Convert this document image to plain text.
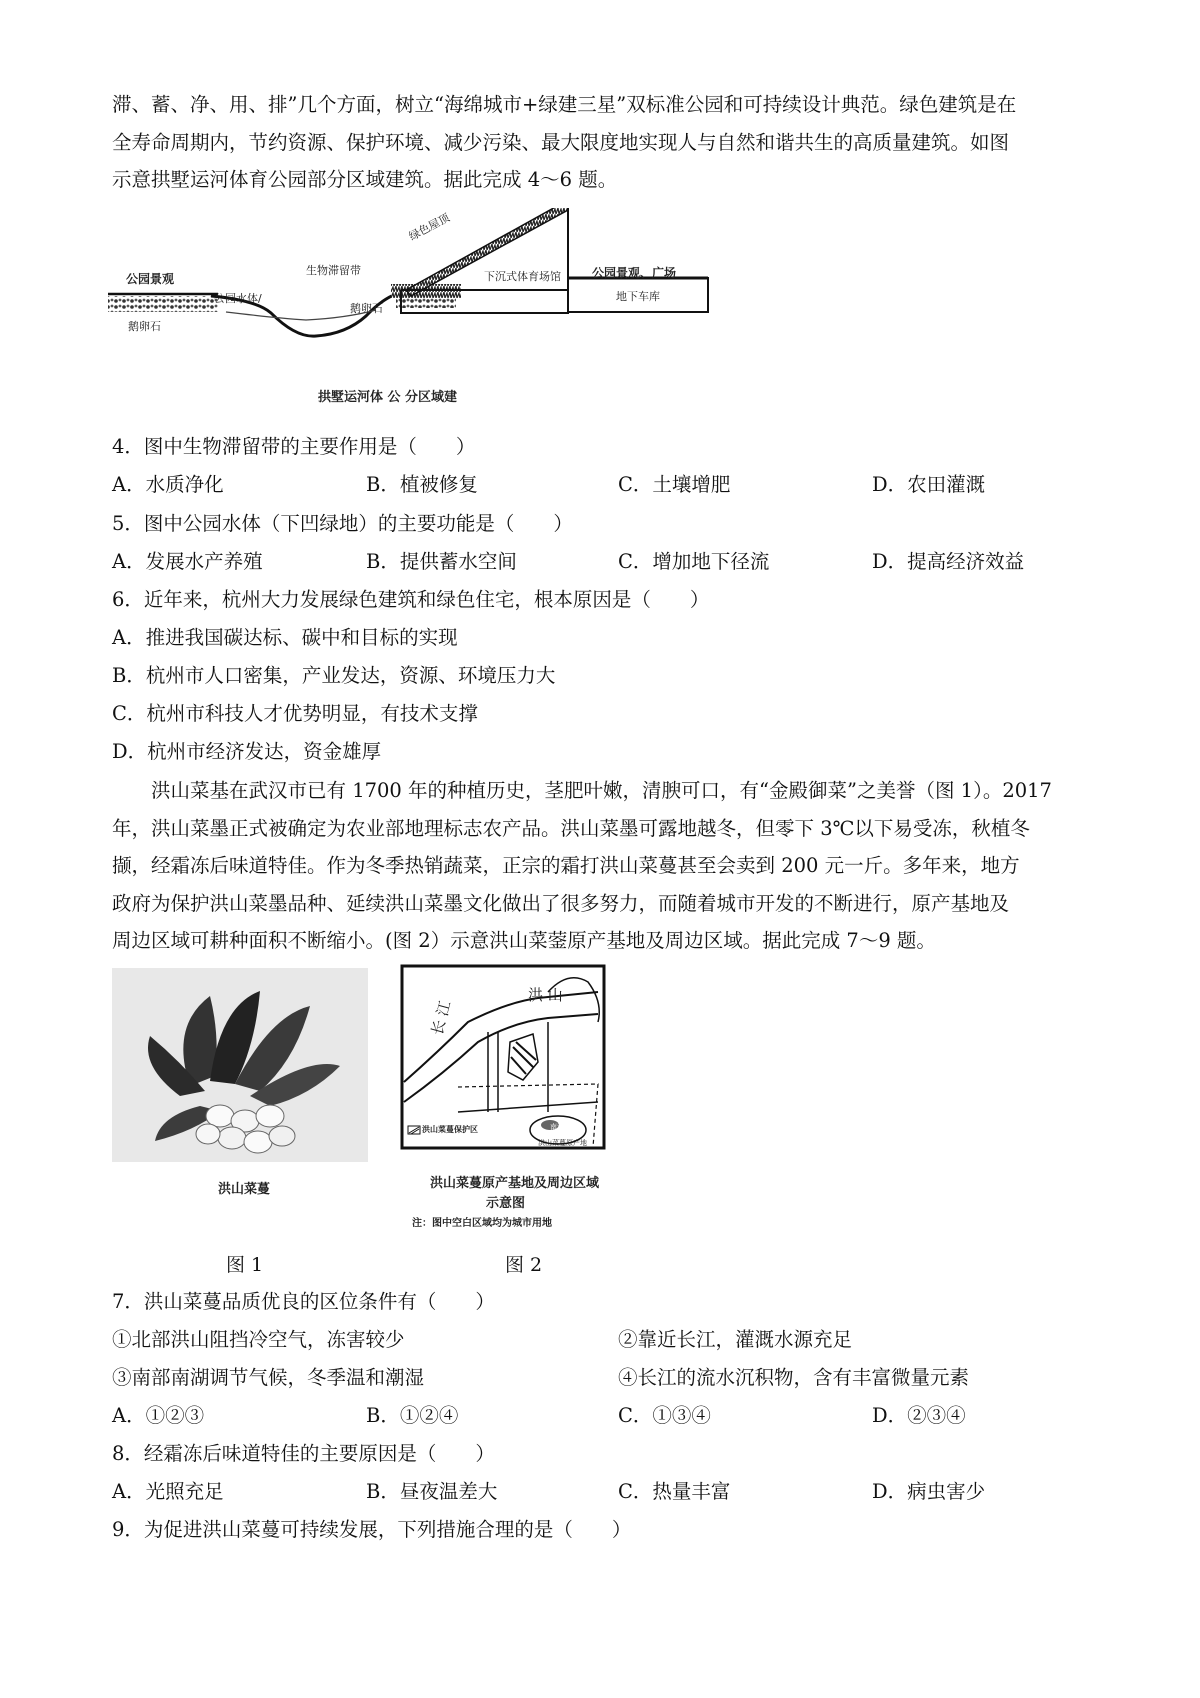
滞、蓄、净、用、排”几个方面，树立“海绵城市+绿建三星”双标准公园和可持续设计典范。绿色建筑是在

全寿命周期内，节约资源、保护环境、减少污染、最大限度地实现人与自然和谐共生的高质量建筑。如图

示意拱墅运河体育公园部分区域建筑。据此完成 4～6 题。

公园景观
鹅卵石
公园水体/
生物滞留带
鹅卵石
绿色屋顶
下沉式体育场馆	公园景观、广场
地下车库
拱墅运河体 公 分区域建
4．图中生物滞留带的主要作用是（　　）
A．水质净化	B．植被修复	C．土壤增肥	D．农田灌溉
5．图中公园水体（下凹绿地）的主要功能是（　　）
A．发展水产养殖	B．提供蓄水空间	C．增加地下径流	D．提高经济效益
6．近年来，杭州大力发展绿色建筑和绿色住宅，根本原因是（　　）
A．推进我国碳达标、碳中和目标的实现
B．杭州市人口密集，产业发达，资源、环境压力大
C．杭州市科技人才优势明显，有技术支撑
D．杭州市经济发达，资金雄厚

洪山菜基在武汉市已有 1700 年的种植历史，茎肥叶嫩，清腴可口，有“金殿御菜”之美誉（图 1）。2017

年，洪山菜墨正式被确定为农业部地理标志农产品。洪山菜墨可露地越冬，但零下 3℃以下易受冻，秋植冬

撷，经霜冻后味道特佳。作为冬季热销蔬菜，正宗的霜打洪山菜蔓甚至会卖到 200 元一斤。多年来，地方

政府为保护洪山菜墨品种、延续洪山菜墨文化做出了很多努力，而随着城市开发的不断进行，原产基地及

周边区域可耕种面积不断缩小。(图 2）示意洪山菜蓥原产基地及周边区域。据此完成 7～9 题。

洪山菜蔓
长 江
洪 山
洪山菜蔓保护区	南湖
洪山菜蔓原产地
洪山菜蔓原产基地及周边区域
示意图
注：图中空白区域均为城市用地
图 1	图 2
7．洪山菜蔓品质优良的区位条件有（　　）
①北部洪山阻挡冷空气，冻害较少	②靠近长江，灌溉水源充足
③南部南湖调节气候，冬季温和潮湿	④长江的流水沉积物，含有丰富微量元素
A．①②③	B．①②④	C．①③④	D．②③④
8．经霜冻后味道特佳的主要原因是（　　）
A．光照充足	B．昼夜温差大	C．热量丰富	D．病虫害少
9．为促进洪山菜蔓可持续发展，下列措施合理的是（　　）
